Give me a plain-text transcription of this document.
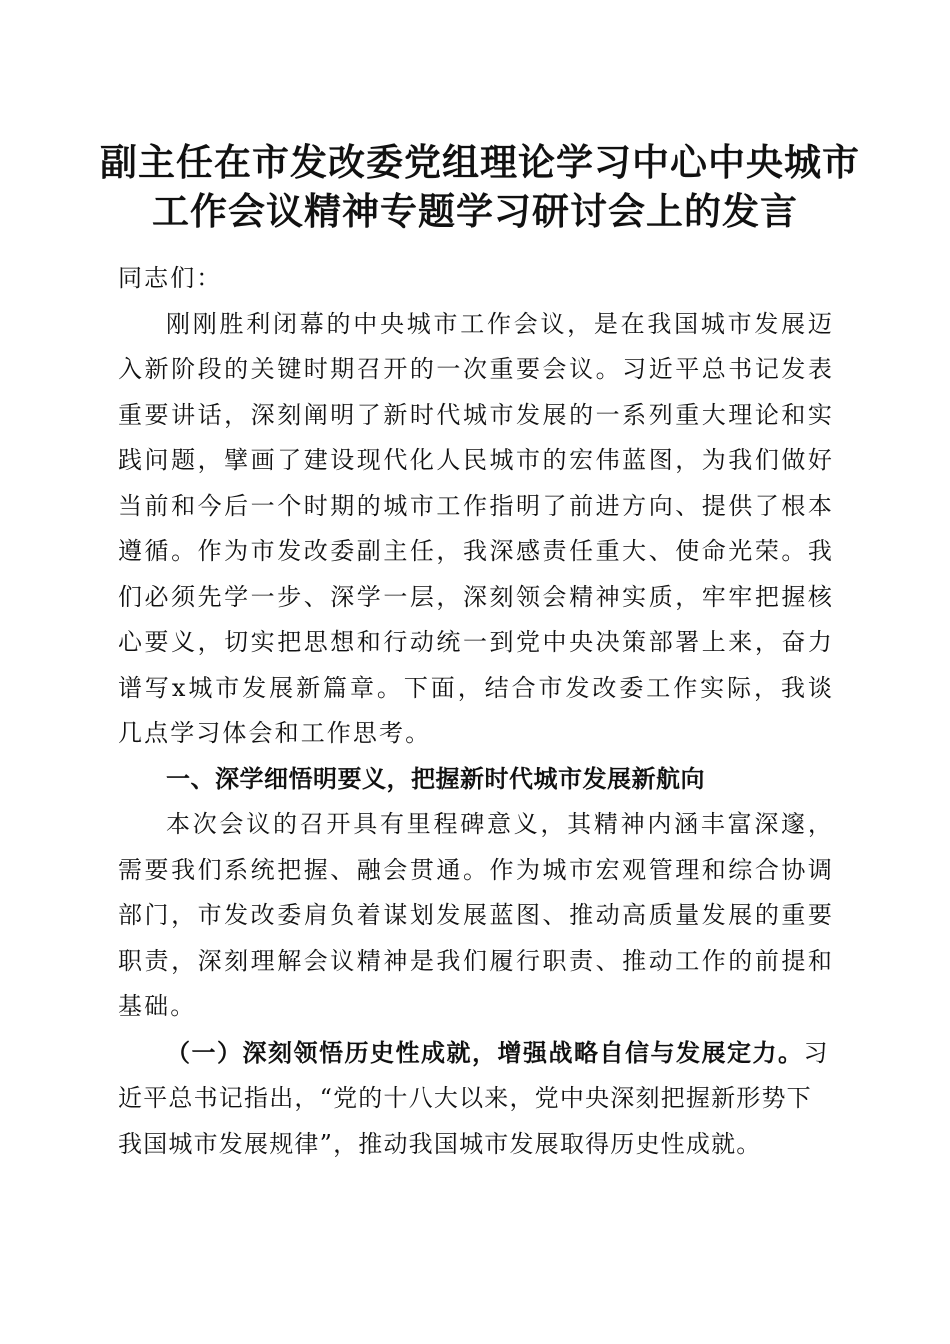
副主任在市发改委党组理论学习中心中央城市
工作会议精神专题学习研讨会上的发言

同志们：

刚刚胜利闭幕的中央城市工作会议，是在我国城市发展迈入新阶段的关键时期召开的一次重要会议。习近平总书记发表重要讲话，深刻阐明了新时代城市发展的一系列重大理论和实践问题，擘画了建设现代化人民城市的宏伟蓝图，为我们做好当前和今后一个时期的城市工作指明了前进方向、提供了根本遵循。作为市发改委副主任，我深感责任重大、使命光荣。我们必须先学一步、深学一层，深刻领会精神实质，牢牢把握核心要义，切实把思想和行动统一到党中央决策部署上来，奋力谱写x城市发展新篇章。下面，结合市发改委工作实际，我谈几点学习体会和工作思考。

一、深学细悟明要义，把握新时代城市发展新航向

本次会议的召开具有里程碑意义，其精神内涵丰富深邃，需要我们系统把握、融会贯通。作为城市宏观管理和综合协调部门，市发改委肩负着谋划发展蓝图、推动高质量发展的重要职责，深刻理解会议精神是我们履行职责、推动工作的前提和基础。

（一）深刻领悟历史性成就，增强战略自信与发展定力。习近平总书记指出，“党的十八大以来，党中央深刻把握新形势下我国城市发展规律”，推动我国城市发展取得历史性成就。
